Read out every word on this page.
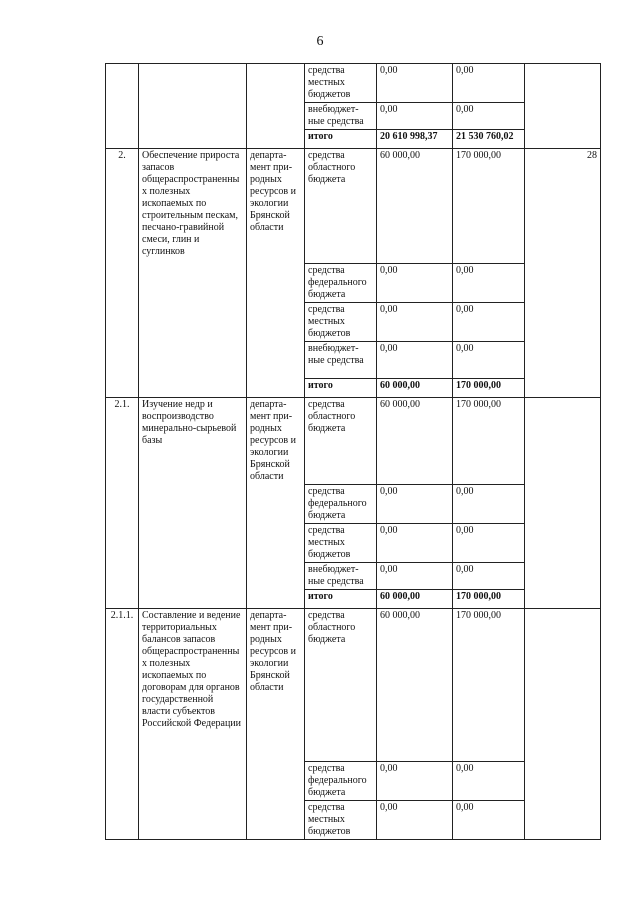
6
			средства местных бюджетов	0,00	0,00	
			внебюджет-ные средства	0,00	0,00	
			итого	20 610 998,37	21 530 760,02	
2.	Обеспечение прироста запасов общераспространенных полезных ископаемых по строительным пескам, песчано-гравийной смеси, глин и суглинков	департа-мент при-родных ресурсов и экологии Брянской области	средства областного бюджета	60 000,00	170 000,00	28
			средства федерального бюджета	0,00	0,00	
			средства местных бюджетов	0,00	0,00	
			внебюджет-ные средства	0,00	0,00	
			итого	60 000,00	170 000,00	
2.1.	Изучение недр и воспроизводство минерально-сырьевой базы	департа-мент при-родных ресурсов и экологии Брянской области	средства областного бюджета	60 000,00	170 000,00	
			средства федерального бюджета	0,00	0,00	
			средства местных бюджетов	0,00	0,00	
			внебюджет-ные средства	0,00	0,00	
			итого	60 000,00	170 000,00	
2.1.1.	Составление и ведение территориальных балансов запасов общераспространенных полезных ископаемых по договорам для органов государственной власти субъектов Российской Федерации	департа-мент при-родных ресурсов и экологии Брянской области	средства областного бюджета	60 000,00	170 000,00	
			средства федерального бюджета	0,00	0,00	
			средства местных бюджетов	0,00	0,00	
